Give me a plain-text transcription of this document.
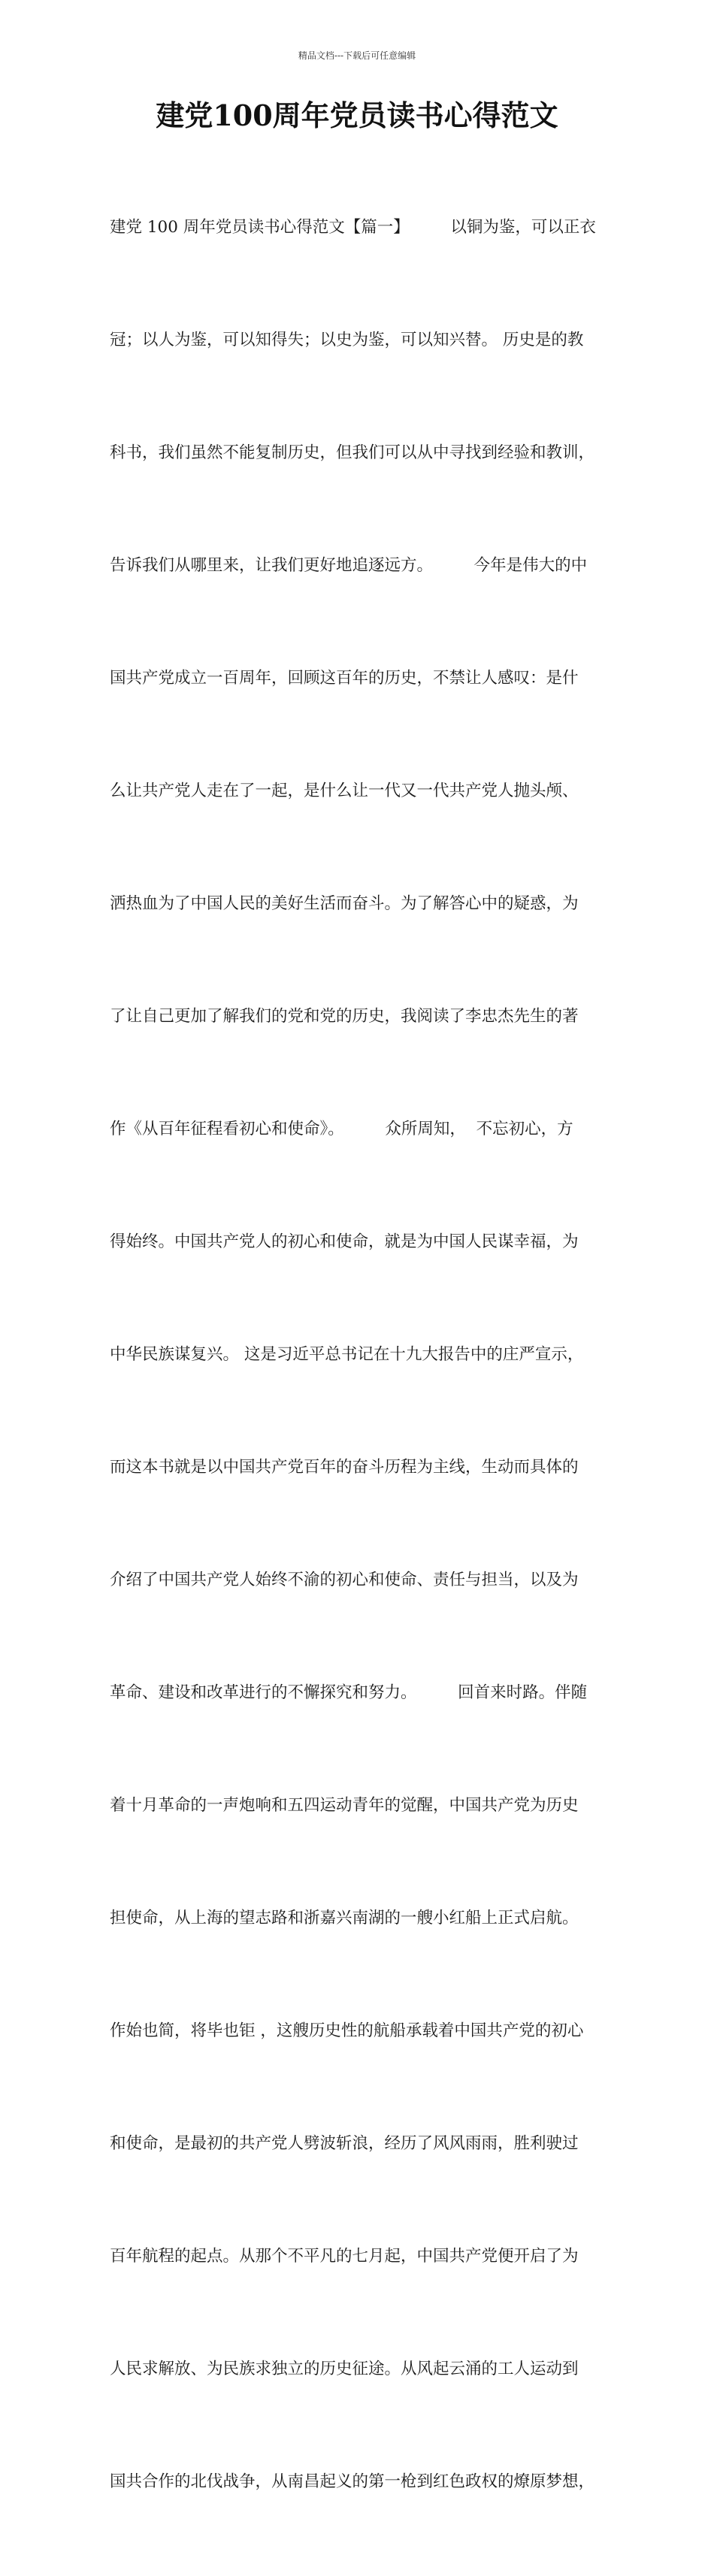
精品文档---下载后可任意编辑
建党100周年党员读书心得范文

建党 100 周年党员读书心得范文【篇一】        以铜为鉴，可以正衣

冠；以人为鉴，可以知得失；以史为鉴，可以知兴替。 历史是的教

科书，我们虽然不能复制历史，但我们可以从中寻找到经验和教训，

告诉我们从哪里来，让我们更好地追逐远方。        今年是伟大的中

国共产党成立一百周年，回顾这百年的历史，不禁让人感叹：是什

么让共产党人走在了一起，是什么让一代又一代共产党人抛头颅、

洒热血为了中国人民的美好生活而奋斗。为了解答心中的疑惑，为

了让自己更加了解我们的党和党的历史，我阅读了李忠杰先生的著

作《从百年征程看初心和使命》。        众所周知，  不忘初心，方

得始终。中国共产党人的初心和使命，就是为中国人民谋幸福，为

中华民族谋复兴。 这是习近平总书记在十九大报告中的庄严宣示，

而这本书就是以中国共产党百年的奋斗历程为主线，生动而具体的

介绍了中国共产党人始终不渝的初心和使命、责任与担当，以及为

革命、建设和改革进行的不懈探究和努力。        回首来时路。伴随

着十月革命的一声炮响和五四运动青年的觉醒，中国共产党为历史

担使命，从上海的望志路和浙嘉兴南湖的一艘小红船上正式启航。

作始也简，将毕也钜 ，这艘历史性的航船承载着中国共产党的初心

和使命，是最初的共产党人劈波斩浪，经历了风风雨雨，胜利驶过

百年航程的起点。从那个不平凡的七月起，中国共产党便开启了为

人民求解放、为民族求独立的历史征途。从风起云涌的工人运动到

国共合作的北伐战争，从南昌起义的第一枪到红色政权的燎原梦想，
